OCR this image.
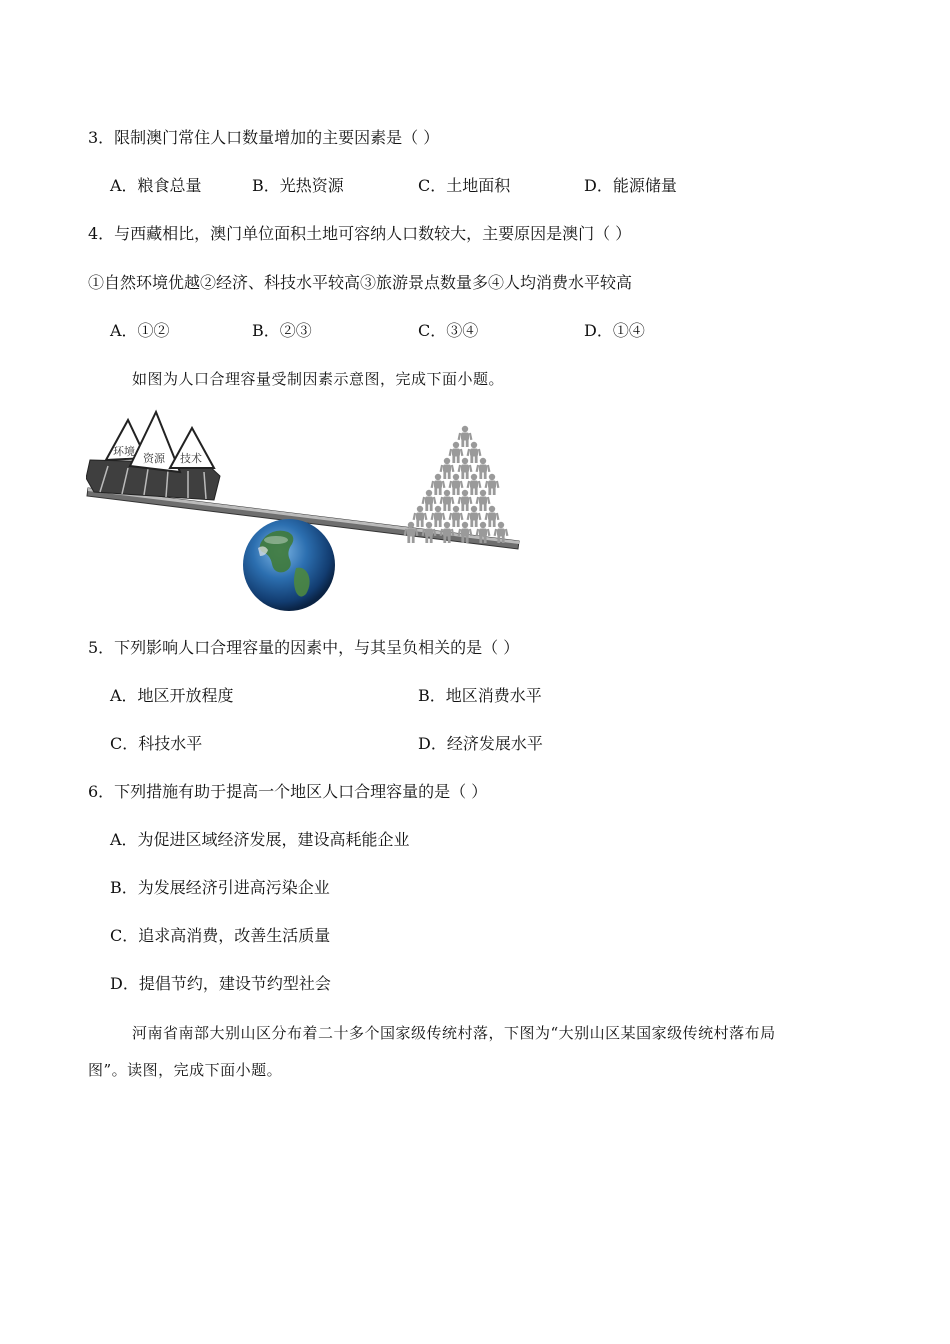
3．限制澳门常住人口数量增加的主要因素是（ ）
A．粮食总量	B．光热资源	C．土地面积	D．能源储量
4．与西藏相比，澳门单位面积土地可容纳人口数较大，主要原因是澳门（ ）
①自然环境优越②经济、科技水平较高③旅游景点数量多④人均消费水平较高
A．①②	B．②③	C．③④	D．①④
如图为人口合理容量受制因素示意图，完成下面小题。
环境
资源 技术
5．下列影响人口合理容量的因素中，与其呈负相关的是（ ）
A．地区开放程度	B．地区消费水平
C．科技水平	D．经济发展水平
6．下列措施有助于提高一个地区人口合理容量的是（ ）
A．为促进区域经济发展，建设高耗能企业
B．为发展经济引进高污染企业
C．追求高消费，改善生活质量
D．提倡节约，建设节约型社会
河南省南部大别山区分布着二十多个国家级传统村落，下图为“大别山区某国家级传统村落布局
图”。读图，完成下面小题。
